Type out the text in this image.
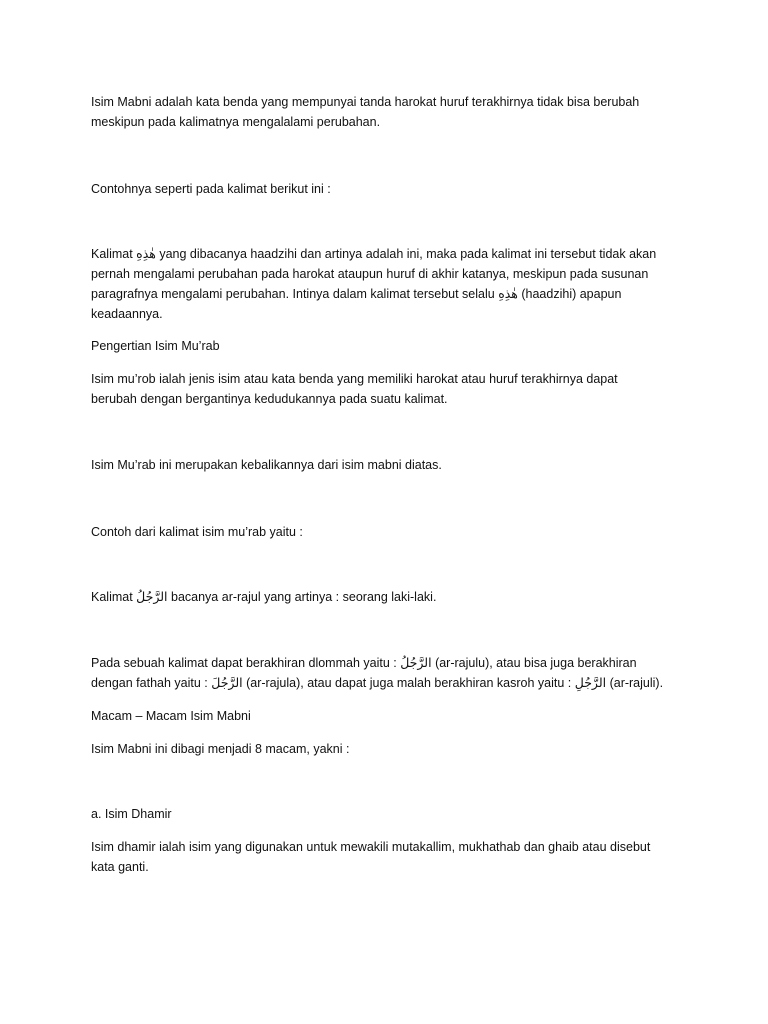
Isim Mabni adalah kata benda yang mempunyai tanda harokat huruf terakhirnya tidak bisa berubah
meskipun pada kalimatnya mengalalami perubahan.

Contohnya seperti pada kalimat berikut ini :

Kalimat هٰذِهِ yang dibacanya haadzihi dan artinya adalah ini, maka pada kalimat ini tersebut tidak akan
pernah mengalami perubahan pada harokat ataupun huruf di akhir katanya, meskipun pada susunan
paragrafnya mengalami perubahan. Intinya dalam kalimat tersebut selalu هٰذِهِ (haadzihi) apapun
keadaannya.

Pengertian Isim Mu’rab

Isim mu’rob ialah jenis isim atau kata benda yang memiliki harokat atau huruf terakhirnya dapat
berubah dengan bergantinya kedudukannya pada suatu kalimat.

Isim Mu’rab ini merupakan kebalikannya dari isim mabni diatas.

Contoh dari kalimat isim mu’rab yaitu :

Kalimat الرَّجُلُ bacanya ar-rajul yang artinya : seorang laki-laki.

Pada sebuah kalimat dapat berakhiran dlommah yaitu : الرَّجُلُ (ar-rajulu), atau bisa juga berakhiran
dengan fathah yaitu : الرَّجُلَ (ar-rajula), atau dapat juga malah berakhiran kasroh yaitu : الرَّجُلِ (ar-rajuli).

Macam – Macam Isim Mabni

Isim Mabni ini dibagi menjadi 8 macam, yakni :

a. Isim Dhamir

Isim dhamir ialah isim yang digunakan untuk mewakili mutakallim, mukhathab dan ghaib atau disebut
kata ganti.
